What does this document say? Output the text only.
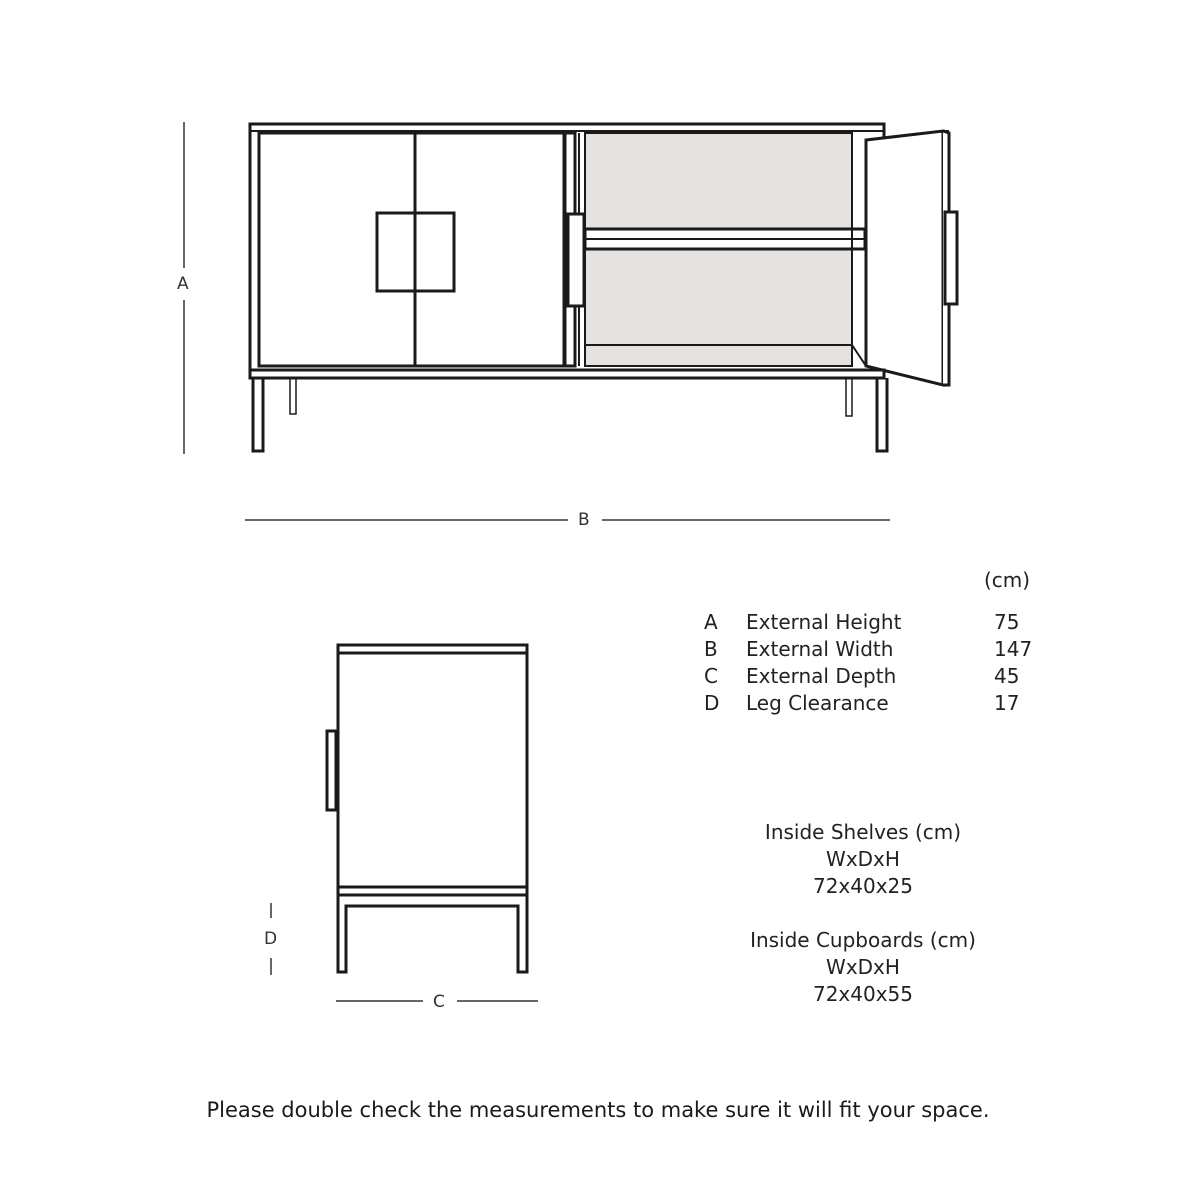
A
B
C
D
(cm)
A	External Height	75
B	External Width	147
C	External Depth	45
D Leg Clearance	17
Inside Shelves (cm)
WxDxH
72x40x25
Inside Cupboards (cm)
WxDxH
72x40x55
Please double check the measurements to make sure it will fit your space.
